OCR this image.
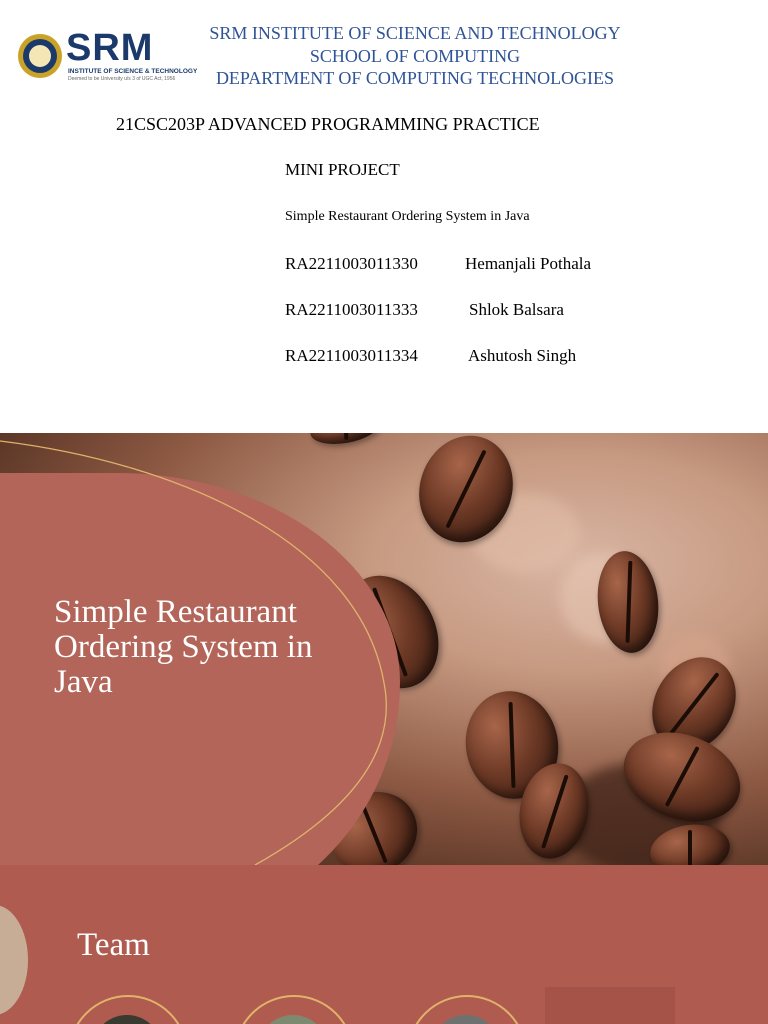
SRM
INSTITUTE OF SCIENCE & TECHNOLOGY
Deemed to be University u/s 3 of UGC Act, 1956
SRM INSTITUTE OF SCIENCE AND TECHNOLOGY
SCHOOL OF COMPUTING
DEPARTMENT OF COMPUTING TECHNOLOGIES
21CSC203P ADVANCED PROGRAMMING PRACTICE
MINI PROJECT
Simple Restaurant Ordering System in Java
RA2211003011330	Hemanjali Pothala
RA2211003011333	Shlok Balsara
RA2211003011334	Ashutosh Singh
Simple Restaurant Ordering System in Java
Team
